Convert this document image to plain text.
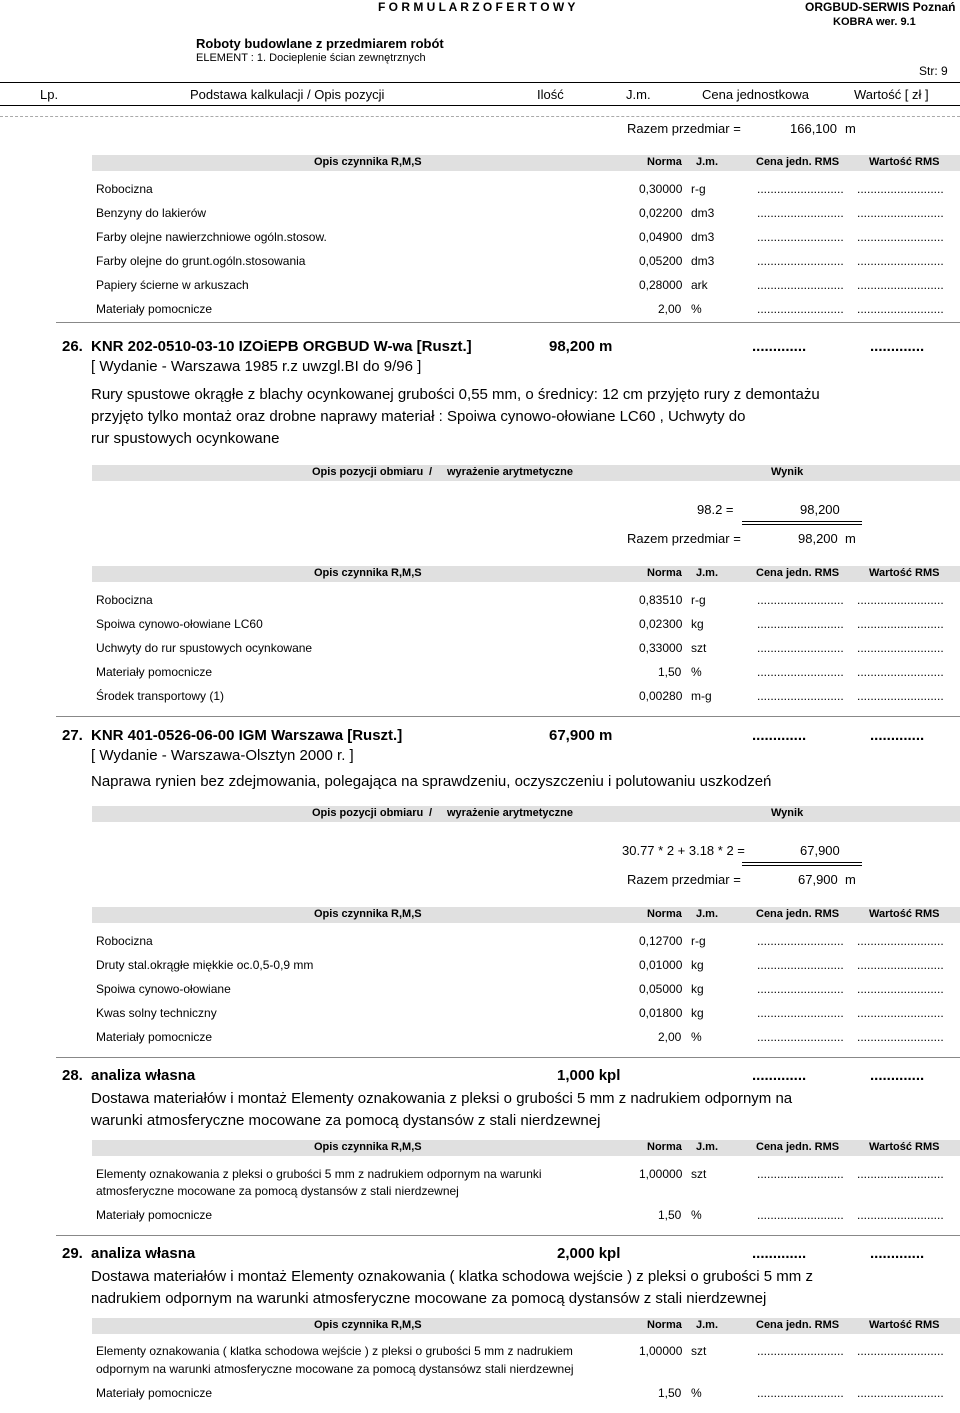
F O R M U L A R Z O F E R T O W Y	ORGBUD-SERWIS Poznań
KOBRA wer. 9.1
Roboty budowlane z przedmiarem robót
ELEMENT : 1. Docieplenie ścian zewnętrznych
Str: 9
Lp.	Podstawa kalkulacji / Opis pozycji	Ilość	J.m.	Cena jednostkowa	Wartość [ zł ]
Razem przedmiar =	166,100 m
Opis czynnika R,M,S	Norma J.m.	Cena jedn. RMS	Wartość RMS
Robocizna	0,30000 r-g	.......................... ..........................
Benzyny do lakierów	0,02200 dm3	.......................... ..........................
Farby olejne nawierzchniowe ogóln.stosow.	0,04900 dm3	.......................... ..........................
Farby olejne do grunt.ogóln.stosowania	0,05200 dm3	.......................... ..........................
Papiery ścierne w arkuszach	0,28000 ark	.......................... ..........................
Materiały pomocnicze	2,00 %	.......................... ..........................
26. KNR 202-0510-03-10 IZOiEPB ORGBUD W-wa [Ruszt.]	98,200 m	.............	.............
[ Wydanie - Warszawa 1985 r.z uwzgl.BI do 9/96 ]
Rury spustowe okrągłe z blachy ocynkowanej grubości 0,55 mm, o średnicy: 12 cm przyjęto rury z demontażu
przyjęto tylko montaż oraz drobne naprawy materiał : Spoiwa cynowo-ołowiane LC60 , Uchwyty do
rur spustowych ocynkowane
Opis pozycji obmiaru / wyrażenie arytmetyczne	Wynik
98.2 =	98,200
Razem przedmiar =	98,200 m
Opis czynnika R,M,S	Norma J.m.	Cena jedn. RMS	Wartość RMS
Robocizna	0,83510 r-g	.......................... ..........................
Spoiwa cynowo-ołowiane LC60	0,02300 kg	.......................... ..........................
Uchwyty do rur spustowych ocynkowane	0,33000 szt	.......................... ..........................
Materiały pomocnicze	1,50 %	.......................... ..........................
Środek transportowy (1)	0,00280 m-g	.......................... ..........................
27. KNR 401-0526-06-00 IGM Warszawa [Ruszt.]	67,900 m	.............	.............
[ Wydanie - Warszawa-Olsztyn 2000 r. ]
Naprawa rynien bez zdejmowania, polegająca na sprawdzeniu, oczyszczeniu i polutowaniu uszkodzeń
Opis pozycji obmiaru / wyrażenie arytmetyczne	Wynik
30.77 * 2 + 3.18 * 2 =	67,900
Razem przedmiar =	67,900 m
Opis czynnika R,M,S	Norma J.m.	Cena jedn. RMS	Wartość RMS
Robocizna	0,12700 r-g	.......................... ..........................
Druty stal.okrągłe miękkie oc.0,5-0,9 mm	0,01000 kg	.......................... ..........................
Spoiwa cynowo-ołowiane	0,05000 kg	.......................... ..........................
Kwas solny techniczny	0,01800 kg	.......................... ..........................
Materiały pomocnicze	2,00 %	.......................... ..........................
28. analiza własna	1,000 kpl	.............	.............
Dostawa materiałów i montaż Elementy oznakowania z pleksi o grubości 5 mm z nadrukiem odpornym na
warunki atmosferyczne mocowane za pomocą dystansów z stali nierdzewnej
Opis czynnika R,M,S	Norma J.m.	Cena jedn. RMS	Wartość RMS
Elementy oznakowania z pleksi o grubości 5 mm z nadrukiem odpornym na warunki	1,00000 szt	.......................... ..........................
atmosferyczne mocowane za pomocą dystansów z stali nierdzewnej
Materiały pomocnicze	1,50 %	.......................... ..........................
29. analiza własna	2,000 kpl	.............	.............
Dostawa materiałów i montaż Elementy oznakowania ( klatka schodowa wejście ) z pleksi o grubości 5 mm z
nadrukiem odpornym na warunki atmosferyczne mocowane za pomocą dystansów z stali nierdzewnej
Opis czynnika R,M,S	Norma J.m.	Cena jedn. RMS	Wartość RMS
Elementy oznakowania ( klatka schodowa wejście ) z pleksi o grubości 5 mm z nadrukiem	1,00000 szt	.......................... ..........................
odpornym na warunki atmosferyczne mocowane za pomocą dystansówz stali nierdzewnej
Materiały pomocnicze	1,50 %	.......................... ..........................
